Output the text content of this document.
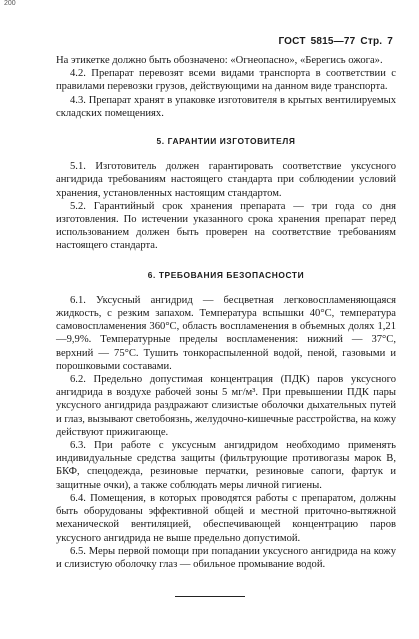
200
ГОСТ 5815—77 Стр. 7

На этикетке должно быть обозначено: «Огнеопасно», «Берегись ожога».

4.2. Препарат перевозят всеми видами транспорта в соответствии с правилами перевозки грузов, действующими на данном виде транспорта.

4.3. Препарат хранят в упаковке изготовителя в крытых вентилируемых складских помещениях.

5. ГАРАНТИИ ИЗГОТОВИТЕЛЯ

5.1. Изготовитель должен гарантировать соответствие уксусного ангидрида требованиям настоящего стандарта при соблюдении условий хранения, установленных настоящим стандартом.

5.2. Гарантийный срок хранения препарата — три года со дня изготовления. По истечении указанного срока хранения препарат перед использованием должен быть проверен на соответствие требованиям настоящего стандарта.

6. ТРЕБОВАНИЯ БЕЗОПАСНОСТИ

6.1. Уксусный ангидрид — бесцветная легковоспламеняющаяся жидкость, с резким запахом. Температура вспышки 40°С, температура самовоспламенения 360°С, область воспламенения в объемных долях 1,21—9,9%. Температурные пределы воспламенения: нижний — 37°С, верхний — 75°С. Тушить тонкораспыленной водой, пеной, газовыми и порошковыми составами.

6.2. Предельно допустимая концентрация (ПДК) паров уксусного ангидрида в воздухе рабочей зоны 5 мг/м³. При превышении ПДК пары уксусного ангидрида раздражают слизистые оболочки дыхательных путей и глаз, вызывают светобоязнь, желудочно-кишечные расстройства, на кожу действуют прижигающе.

6.3. При работе с уксусным ангидридом необходимо применять индивидуальные средства защиты (фильтрующие противогазы марок В, БКФ, спецодежда, резиновые перчатки, резиновые сапоги, фартук и защитные очки), а также соблюдать меры личной гигиены.

6.4. Помещения, в которых проводятся работы с препаратом, должны быть оборудованы эффективной общей и местной приточно-вытяжной механической вентиляцией, обеспечивающей концентрацию паров уксусного ангидрида не выше предельно допустимой.

6.5. Меры первой помощи при попадании уксусного ангидрида на кожу и слизистую оболочку глаз — обильное промывание водой.
